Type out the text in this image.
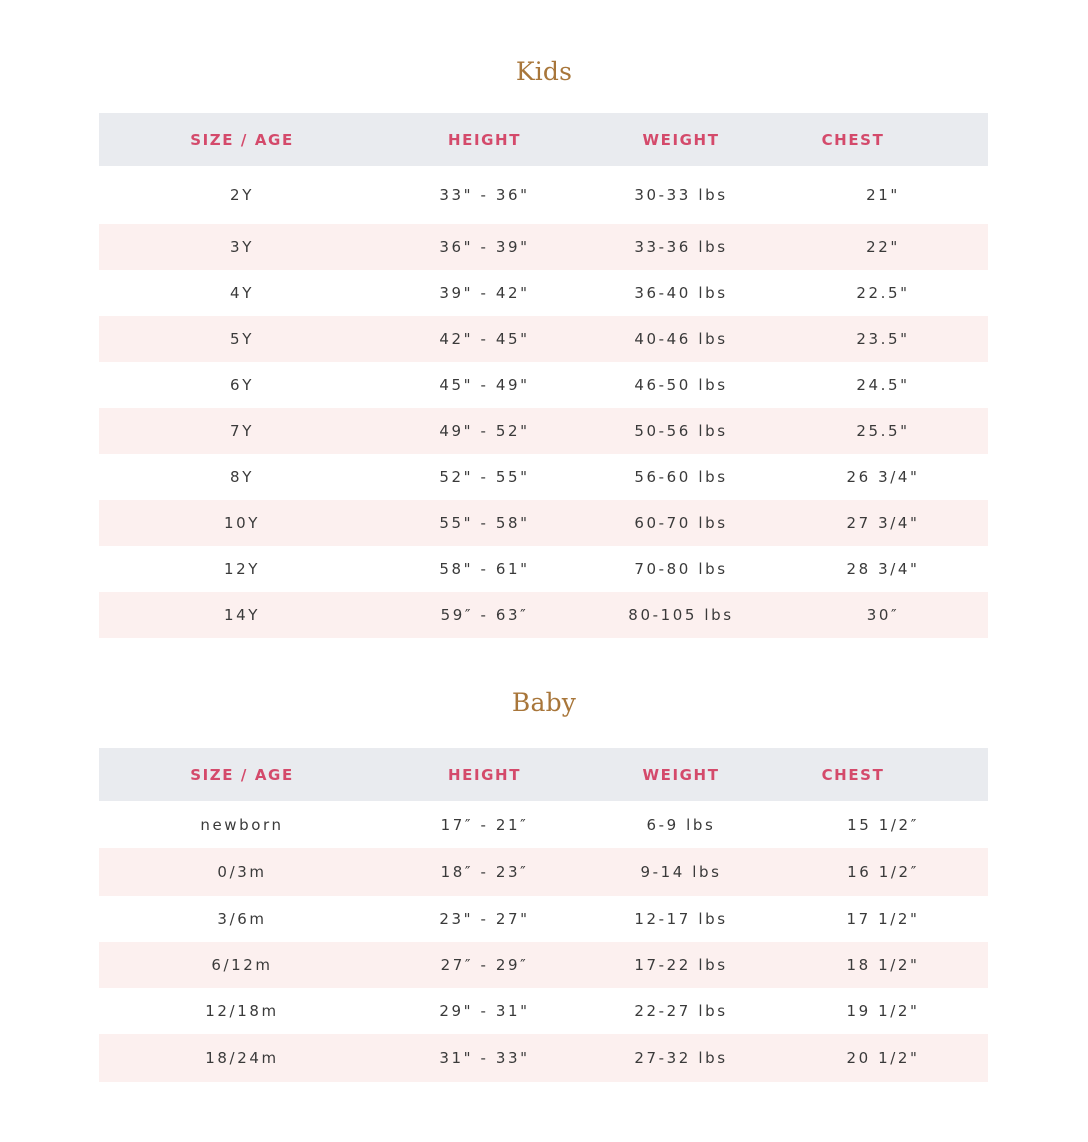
Kids
SIZE / AGE	HEIGHT	WEIGHT	CHEST
2Y	33" - 36"	30-33 lbs	21"
3Y	36" - 39"	33-36 lbs	22"
4Y	39" - 42"	36-40 lbs	22.5"
5Y	42" - 45"	40-46 lbs	23.5"
6Y	45" - 49"	46-50 lbs	24.5"
7Y	49" - 52"	50-56 lbs	25.5"
8Y	52" - 55"	56-60 lbs	26 3/4"
10Y	55" - 58"	60-70 lbs	27 3/4"
12Y	58" - 61"	70-80 lbs	28 3/4"
14Y	59″ - 63″	80-105 lbs	30″
Baby
SIZE / AGE	HEIGHT	WEIGHT	CHEST
newborn	17″ - 21″	6-9 lbs	15 1/2″
0/3m	18″ - 23″	9-14 lbs	16 1/2″
3/6m	23" - 27"	12-17 lbs	17 1/2"
6/12m	27″ - 29″	17-22 lbs	18 1/2"
12/18m	29" - 31"	22-27 lbs	19 1/2"
18/24m	31" - 33"	27-32 lbs	20 1/2"
